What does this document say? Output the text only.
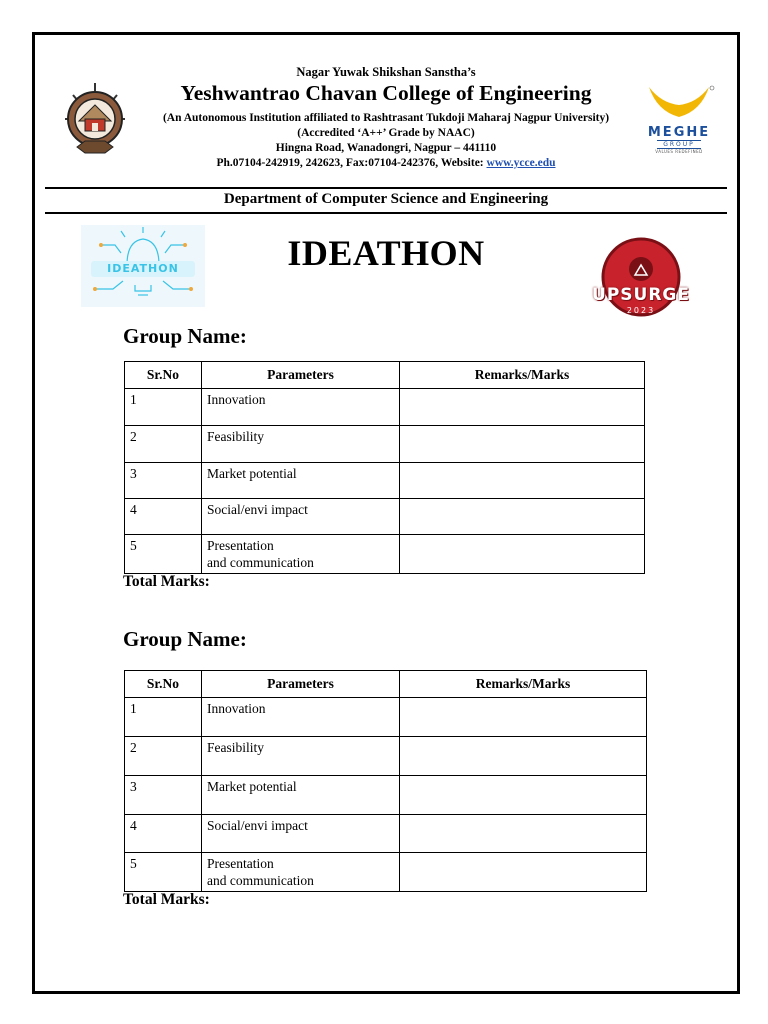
Nagar Yuwak Shikshan Sanstha’s
Yeshwantrao Chavan College of Engineering
(An Autonomous Institution affiliated to Rashtrasant Tukdoji Maharaj Nagpur University)
(Accredited ‘A++’ Grade by NAAC)
Hingna Road, Wanadongri, Nagpur – 441110
Ph.07104-242919, 242623, Fax:07104-242376, Website: www.ycce.edu
MEGHE
GROUP
VALUES REDEFINED
Department of Computer Science and Engineering
IDEATHON	IDEATHON
UPSURGE
2023
Group Name:
Sr.No	Parameters	Remarks/Marks
1	Innovation	
2	Feasibility	
3	Market potential	
4	Social/envi impact	
5	Presentation
and communication	

Total Marks:
Group Name:
Sr.No	Parameters	Remarks/Marks
1	Innovation	
2	Feasibility	
3	Market potential	
4	Social/envi impact	
5	Presentation
and communication	

Total Marks:
